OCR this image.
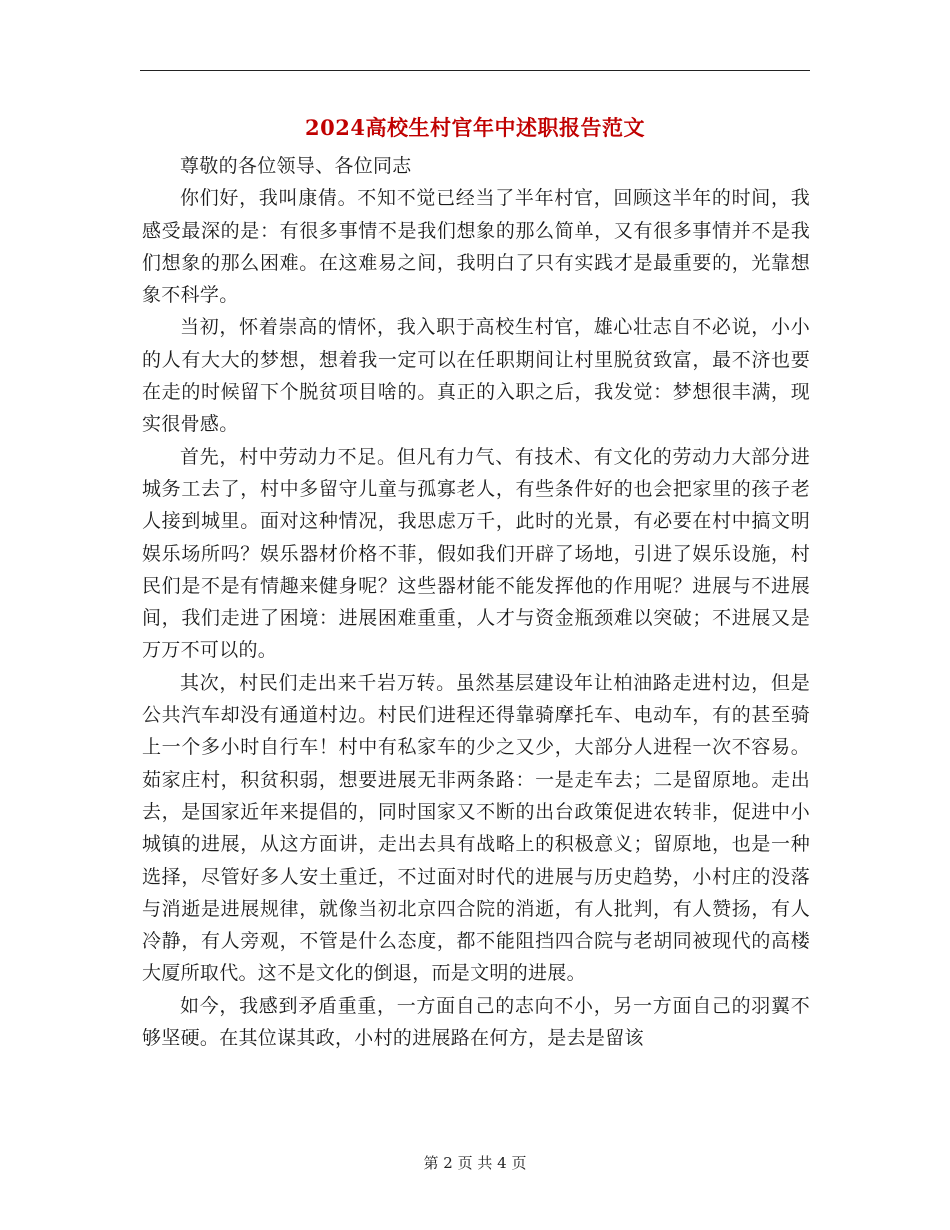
2024高校生村官年中述职报告范文

尊敬的各位领导、各位同志

你们好，我叫康倩。不知不觉已经当了半年村官，回顾这半年的时间，我感受最深的是：有很多事情不是我们想象的那么简单，又有很多事情并不是我们想象的那么困难。在这难易之间，我明白了只有实践才是最重要的，光靠想象不科学。

当初，怀着崇高的情怀，我入职于高校生村官，雄心壮志自不必说，小小的人有大大的梦想，想着我一定可以在任职期间让村里脱贫致富，最不济也要在走的时候留下个脱贫项目啥的。真正的入职之后，我发觉：梦想很丰满，现实很骨感。

首先，村中劳动力不足。但凡有力气、有技术、有文化的劳动力大部分进城务工去了，村中多留守儿童与孤寡老人，有些条件好的也会把家里的孩子老人接到城里。面对这种情况，我思虑万千，此时的光景，有必要在村中搞文明娱乐场所吗？娱乐器材价格不菲，假如我们开辟了场地，引进了娱乐设施，村民们是不是有情趣来健身呢？这些器材能不能发挥他的作用呢？进展与不进展间，我们走进了困境：进展困难重重，人才与资金瓶颈难以突破；不进展又是万万不可以的。

其次，村民们走出来千岩万转。虽然基层建设年让柏油路走进村边，但是公共汽车却没有通道村边。村民们进程还得靠骑摩托车、电动车，有的甚至骑上一个多小时自行车！村中有私家车的少之又少，大部分人进程一次不容易。茹家庄村，积贫积弱，想要进展无非两条路：一是走车去；二是留原地。走出去，是国家近年来提倡的，同时国家又不断的出台政策促进农转非，促进中小城镇的进展，从这方面讲，走出去具有战略上的积极意义；留原地，也是一种选择，尽管好多人安土重迁，不过面对时代的进展与历史趋势，小村庄的没落与消逝是进展规律，就像当初北京四合院的消逝，有人批判，有人赞扬，有人冷静，有人旁观，不管是什么态度，都不能阻挡四合院与老胡同被现代的高楼大厦所取代。这不是文化的倒退，而是文明的进展。

如今，我感到矛盾重重，一方面自己的志向不小，另一方面自己的羽翼不够坚硬。在其位谋其政，小村的进展路在何方，是去是留该

第 2 页 共 4 页
